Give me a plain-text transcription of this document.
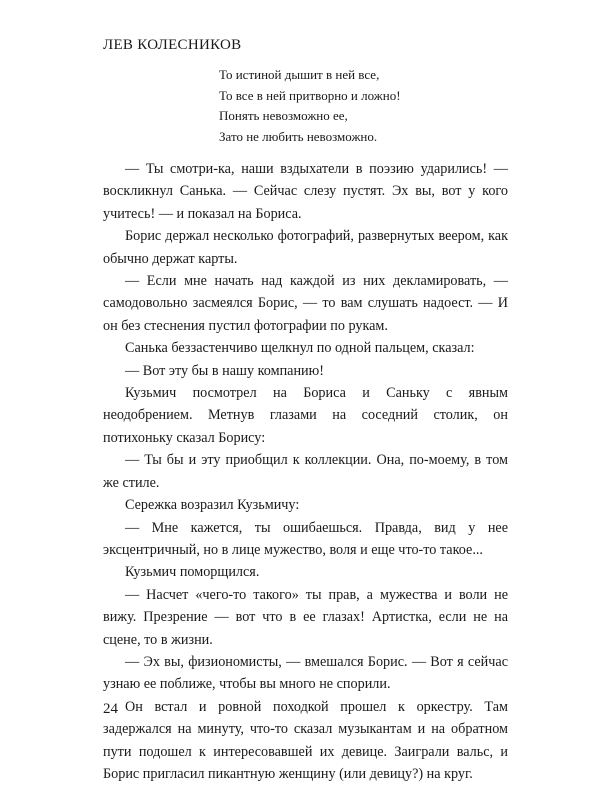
ЛЕВ КОЛЕСНИКОВ
То истиной дышит в ней все,
То все в ней притворно и ложно!
Понять невозможно ее,
Зато не любить невозможно.

— Ты смотри-ка, наши вздыхатели в поэзию ударились! — воскликнул Санька. — Сейчас слезу пустят. Эх вы, вот у кого учитесь! — и показал на Бориса.

Борис держал несколько фотографий, развернутых веером, как обычно держат карты.

— Если мне начать над каждой из них декламировать, — самодовольно засмеялся Борис, — то вам слушать надоест. — И он без стеснения пустил фотографии по рукам.

Санька беззастенчиво щелкнул по одной пальцем, сказал:

— Вот эту бы в нашу компанию!

Кузьмич посмотрел на Бориса и Саньку с явным неодобрением. Метнув глазами на соседний столик, он потихоньку сказал Борису:

— Ты бы и эту приобщил к коллекции. Она, по-моему, в том же стиле.

Сережка возразил Кузьмичу:

— Мне кажется, ты ошибаешься. Правда, вид у нее эксцентричный, но в лице мужество, воля и еще что-то такое...

Кузьмич поморщился.

— Насчет «чего-то такого» ты прав, а мужества и воли не вижу. Презрение — вот что в ее глазах! Артистка, если не на сцене, то в жизни.

— Эх вы, физиономисты, — вмешался Борис. — Вот я сейчас узнаю ее поближе, чтобы вы много не спорили.

Он встал и ровной походкой прошел к оркестру. Там задержался на минуту, что-то сказал музыкантам и на обратном пути подошел к интересовавшей их девице. Заиграли вальс, и Борис пригласил пикантную женщину (или девицу?) на круг.

24
